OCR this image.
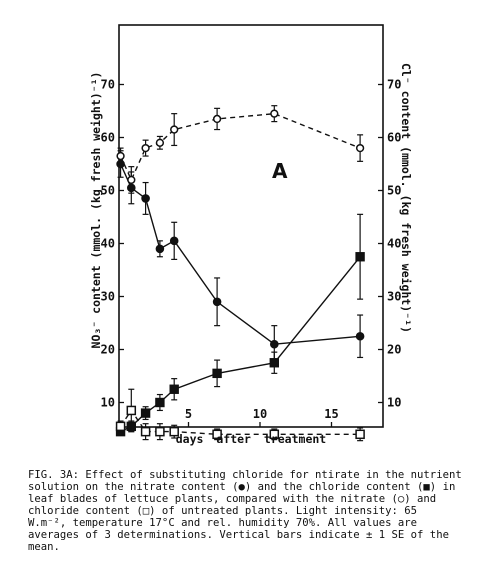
10	10
20	20
30	30
40	40
50	50
60	60
70	70
5	10	15
A
days after treatment
NO₃⁻ content (mmol. (kg fresh weight)⁻¹)	Cl⁻ content (mmol. (kg fresh weight)⁻¹)
FIG. 3A: Effect of substituting chloride for ntirate in the nutrient
solution on the nitrate content (●) and the chloride content (■) in
leaf blades of lettuce plants, compared with the nitrate (○) and
chloride content (□) of untreated plants. Light intensity: 65
W.m⁻², temperature 17°C and rel. humidity 70%. All values are
averages of 3 determinations. Vertical bars indicate ± 1 SE of the
mean.
